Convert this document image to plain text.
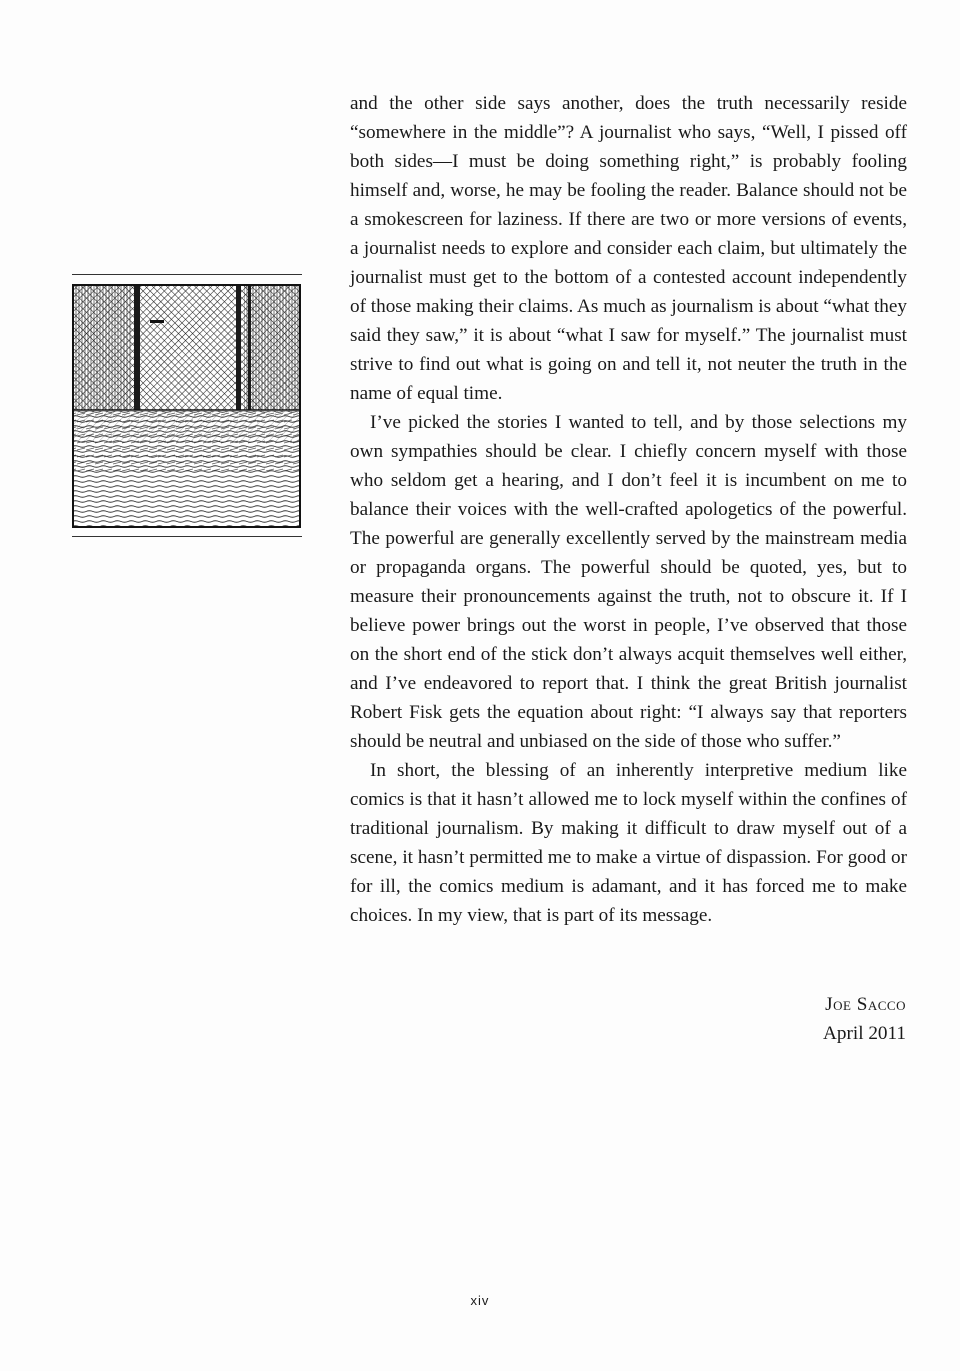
and the other side says another, does the truth necessarily reside “somewhere in the middle”? A journalist who says, “Well, I pissed off both sides—I must be doing something right,” is probably fooling himself and, worse, he may be fooling the reader. Balance should not be a smokescreen for laziness. If there are two or more versions of events, a journalist needs to explore and consider each claim, but ultimately the journalist must get to the bottom of a contested account independently of those making their claims. As much as journalism is about “what they said they saw,” it is about “what I saw for myself.” The journalist must strive to find out what is going on and tell it, not neuter the truth in the name of equal time.

I’ve picked the stories I wanted to tell, and by those selections my own sympathies should be clear. I chiefly concern myself with those who seldom get a hearing, and I don’t feel it is incumbent on me to balance their voices with the well-crafted apologetics of the powerful. The powerful are generally excellently served by the mainstream media or propaganda organs. The powerful should be quoted, yes, but to measure their pronouncements against the truth, not to obscure it. If I believe power brings out the worst in people, I’ve observed that those on the short end of the stick don’t always acquit themselves well either, and I’ve endeavored to report that. I think the great British journalist Robert Fisk gets the equation about right: “I always say that reporters should be neutral and unbiased on the side of those who suffer.”

In short, the blessing of an inherently interpretive medium like comics is that it hasn’t allowed me to lock myself within the confines of traditional journalism. By making it difficult to draw myself out of a scene, it hasn’t permitted me to make a virtue of dispassion. For good or for ill, the comics medium is adamant, and it has forced me to make choices. In my view, that is part of its message.

Joe Sacco
April 2011
xiv
